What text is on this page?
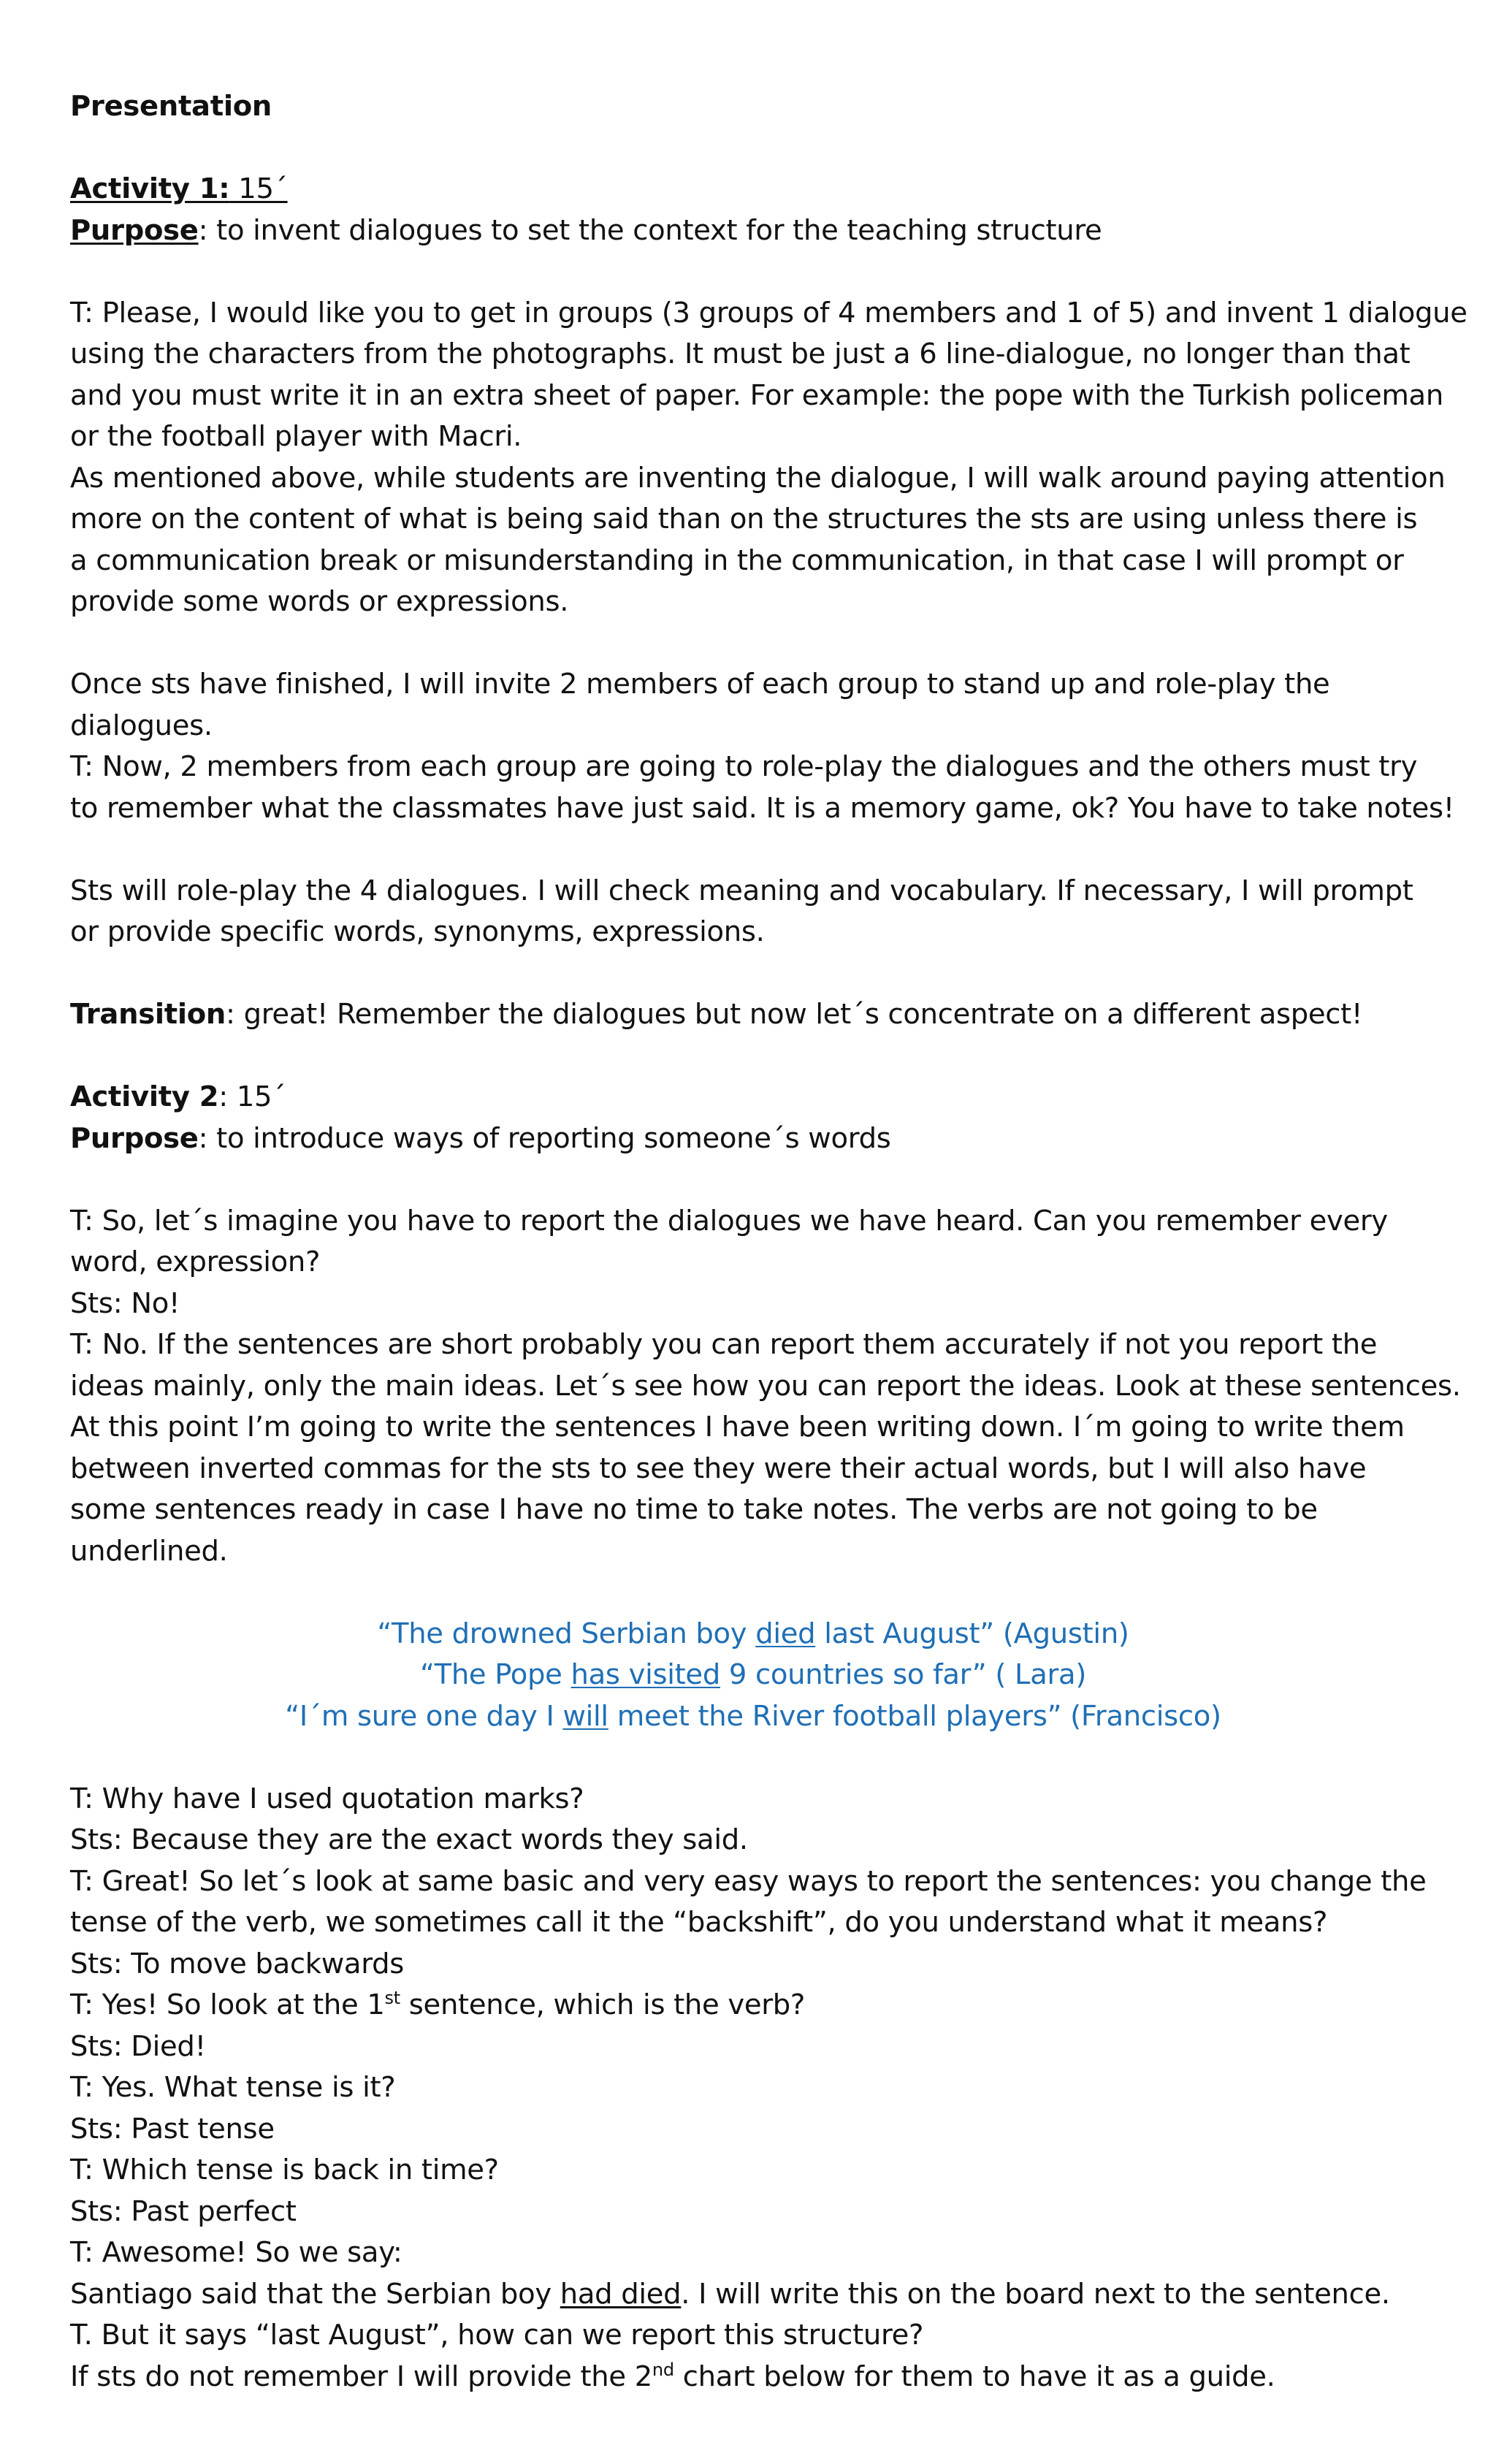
Presentation
Activity 1: 15´
Purpose: to invent dialogues to set the context for the teaching structure
T: Please, I would like you to get in groups (3 groups of 4 members and 1 of 5) and invent 1 dialogue
using the characters from the photographs. It must be just a 6 line-dialogue, no longer than that
and you must write it in an extra sheet of paper. For example: the pope with the Turkish policeman
or the football player with Macri.
As mentioned above, while students are inventing the dialogue, I will walk around paying attention
more on the content of what is being said than on the structures the sts are using unless there is
a communication break or misunderstanding in the communication, in that case I will prompt or
provide some words or expressions.
Once sts have finished, I will invite 2 members of each group to stand up and role-play the
dialogues.
T: Now, 2 members from each group are going to role-play the dialogues and the others must try
to remember what the classmates have just said. It is a memory game, ok? You have to take notes!
Sts will role-play the 4 dialogues. I will check meaning and vocabulary. If necessary, I will prompt
or provide specific words, synonyms, expressions.
Transition: great! Remember the dialogues but now let´s concentrate on a different aspect!
Activity 2: 15´
Purpose: to introduce ways of reporting someone´s words
T: So, let´s imagine you have to report the dialogues we have heard. Can you remember every
word, expression?
Sts: No!
T: No. If the sentences are short probably you can report them accurately if not you report the
ideas mainly, only the main ideas. Let´s see how you can report the ideas. Look at these sentences.
At this point I’m going to write the sentences I have been writing down. I´m going to write them
between inverted commas for the sts to see they were their actual words, but I will also have
some sentences ready in case I have no time to take notes. The verbs are not going to be
underlined.
“The drowned Serbian boy died last August” (Agustin)
“The Pope has visited 9 countries so far” ( Lara)
“I´m sure one day I will meet the River football players” (Francisco)
T: Why have I used quotation marks?
Sts: Because they are the exact words they said.
T: Great! So let´s look at same basic and very easy ways to report the sentences: you change the
tense of the verb, we sometimes call it the “backshift”, do you understand what it means?
Sts: To move backwards
T: Yes! So look at the 1st sentence, which is the verb?
Sts: Died!
T: Yes. What tense is it?
Sts: Past tense
T: Which tense is back in time?
Sts: Past perfect
T: Awesome! So we say:
Santiago said that the Serbian boy had died. I will write this on the board next to the sentence.
T. But it says “last August”, how can we report this structure?
If sts do not remember I will provide the 2nd chart below for them to have it as a guide.
